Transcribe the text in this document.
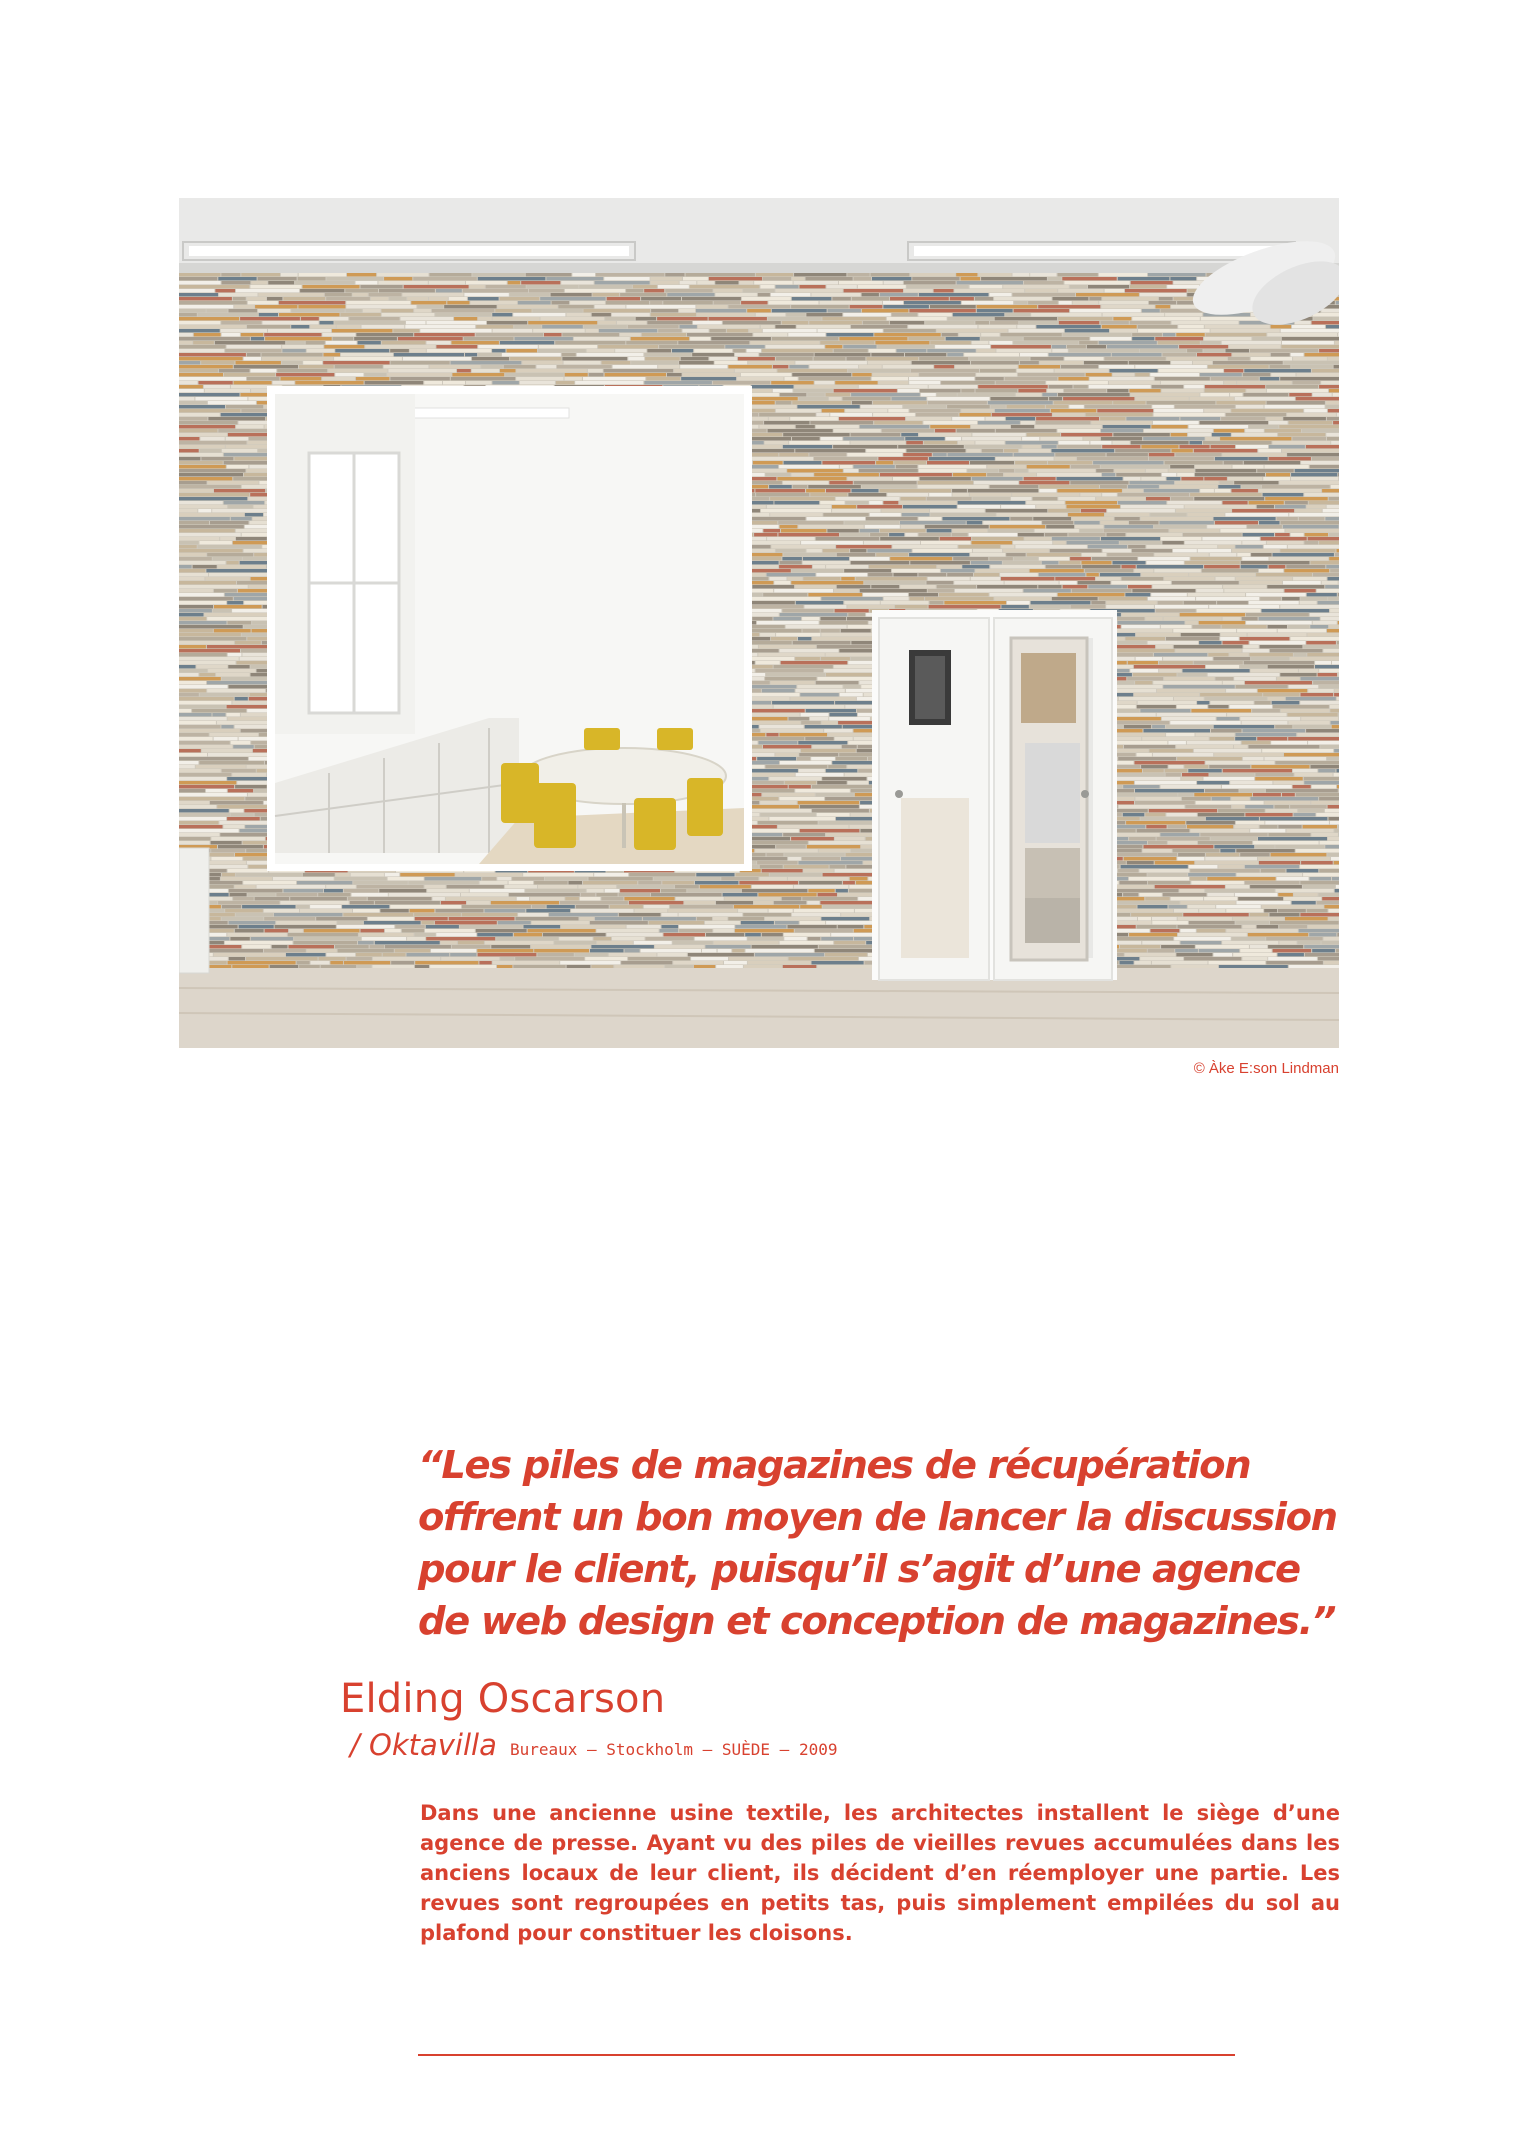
© Àke E:son Lindman
“Les piles de magazines de récupération
offrent un bon moyen de lancer la discussion
pour le client, puisqu’il s’agit d’une agence
de web design et conception de magazines.”
Elding Oscarson
/ Oktavilla Bureaux – Stockholm – SUÈDE – 2009
Dans une ancienne usine textile, les architectes installent le siège d’une agence de presse. Ayant vu des piles de vieilles revues accumulées dans les anciens locaux de leur client, ils décident d’en réemployer une partie. Les revues sont regroupées en petits tas, puis simplement empilées du sol au plafond pour constituer les cloisons.
